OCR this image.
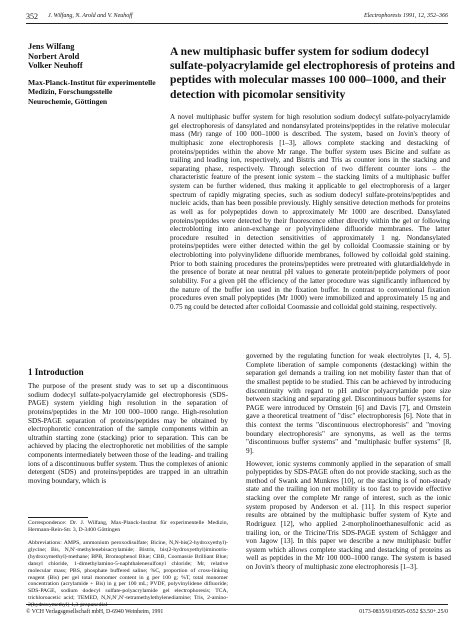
352 J. Wilfang, N. Arold and V. Neuhoff	Electrophoresis 1991, 12, 352–366
Jens Wilfang
Norbert Arold
Volker Neuhoff
Max-Planck-Institut für experimentelle Medizin, Forschungsstelle Neurochemie, Göttingen
A new multiphasic buffer system for sodium dodecyl sulfate-polyacrylamide gel electrophoresis of proteins and peptides with molecular masses 100 000–1000, and their detection with picomolar sensitivity

A novel multiphasic buffer system for high resolution sodium dodecyl sulfate-polyacrylamide gel electrophoresis of dansylated and nondansylated proteins/peptides in the relative molecular mass (Mr) range of 100 000–1000 is described. The system, based on Jovin's theory of multiphasic zone electrophoresis [1–3], allows complete stacking and destacking of proteins/peptides within the above Mr range. The buffer system uses Bicine and sulfate as trailing and leading ion, respectively, and Bistris and Tris as counter ions in the stacking and separating phase, respectively. Through selection of two different counter ions – the characteristic feature of the present ionic system – the stacking limits of a multiphasic buffer system can be further widened, thus making it applicable to gel electrophoresis of a larger spectrum of rapidly migrating species, such as sodium dodecyl sulfate-proteins/peptides and nucleic acids, than has been possible previously. Highly sensitive detection methods for proteins as well as for polypeptides down to approximately Mr 1000 are described. Dansylated proteins/peptides were detected by their fluorescence either directly within the gel or following electroblotting into anion-exchange or polyvinylidene difluoride membranes. The latter procedure resulted in detection sensitivities of approximately 1 ng. Nondansylated proteins/peptides were either detected within the gel by colloidal Coomassie staining or by electroblotting into polyvinylidene difluoride membranes, followed by colloidal gold staining. Prior to both staining procedures the proteins/peptides were pretreated with glutardialdehyde in the presence of borate at near neutral pH values to generate protein/peptide polymers of poor solubility. For a given pH the efficiency of the latter procedure was significantly influenced by the nature of the buffer ion used in the fixation buffer. In contrast to conventional fixation procedures even small polypeptides (Mr 1000) were immobilized and approximately 15 ng and 0.75 ng could be detected after colloidal Coomassie and colloidal gold staining, respectively.

1 Introduction

The purpose of the present study was to set up a discontinuous sodium dodecyl sulfate-polyacrylamide gel electrophoresis (SDS-PAGE) system yielding high resolution in the separation of proteins/peptides in the Mr 100 000–1000 range. High-resolution SDS-PAGE separation of proteins/peptides may be obtained by electrophoretic concentration of the sample components within an ultrathin starting zone (stacking) prior to separation. This can be achieved by placing the electrophoretic net mobilities of the sample components intermediately between those of the leading- and trailing ions of a discontinuous buffer system. Thus the complexes of anionic detergent (SDS) and proteins/peptides are trapped in an ultrathin moving boundary, which is

governed by the regulating function for weak electrolytes [1, 4, 5]. Complete liberation of sample components (destacking) within the separation gel demands a trailing ion net mobility faster than that of the smallest peptide to be studied. This can be achieved by introducing discontinuity with regard to pH and/or polyacrylamide pore size between stacking and separating gel. Discontinuous buffer systems for PAGE were introduced by Ornstein [6] and Davis [7], and Ornstein gave a theoretical treatment of "disc" electrophoresis [6]. Note that in this context the terms "discontinuous electrophoresis" and "moving boundary electrophoresis" are synonyms, as well as the terms "discontinuous buffer systems" and "multiphasic buffer systems" [8, 9].

However, ionic systems commonly applied in the separation of small polypeptides by SDS-PAGE often do not provide stacking, such as the method of Swank and Munkres [10], or the stacking is of non-steady state and the trailing ion net mobility is too fast to provide effective stacking over the complete Mr range of interest, such as the ionic system proposed by Anderson et al. [11]. In this respect superior results are obtained by the multiphasic buffer system of Kyte and Rodriguez [12], who applied 2-morpholinoethanesulfonic acid as trailing ion, or the Tricine/Tris SDS-PAGE system of Schägger and von Jagow [13]. In this paper we describe a new multiphasic buffer system which allows complete stacking and destacking of proteins as well as peptides in the Mr 100 000–1000 range. The system is based on Jovin's theory of multiphasic zone electrophoresis [1–3].

Correspondence: Dr. J. Wilfang, Max-Planck-Institut für experimentelle Medizin, Hermann-Rein-Str. 3, D-3400 Göttingen
Abbreviations: AMPS, ammonium peroxodisulfate; Bicine, N,N-bis(2-hydroxyethyl)-glycine; Bis, N,N′-methylenebisacrylamide; Bistris, bis(2-hydroxyethyl)iminotris-(hydroxymethyl)-methane; BPB, Bromophenol Blue; CBB, Coomassie Brilliant Blue; dansyl chloride, 1-dimethylamino-5-naphthalenesulfonyl chloride; Mr, relative molecular mass; PBS, phosphate buffered saline; %C, proportion of cross-linking reagent (Bis) per gel total monomer content in g per 100 g; %T, total monomer concentration (acrylamide + Bis) in g per 100 mL; PVDF, polyvinylidene difluoride; SDS-PAGE, sodium dodecyl sulfate-polyacrylamide gel electrophoresis; TCA, trichloroacetic acid; TEMED, N,N,N′,N′-tetramethylethylenediamine; Tris, 2-amino-2(hydroxymethyl)-1,3-propanediol
© VCH Verlagsgesellschaft mbH, D-6940 Weinheim, 1991	0173-0835/91/0505-0352 $3.50+.25/0
